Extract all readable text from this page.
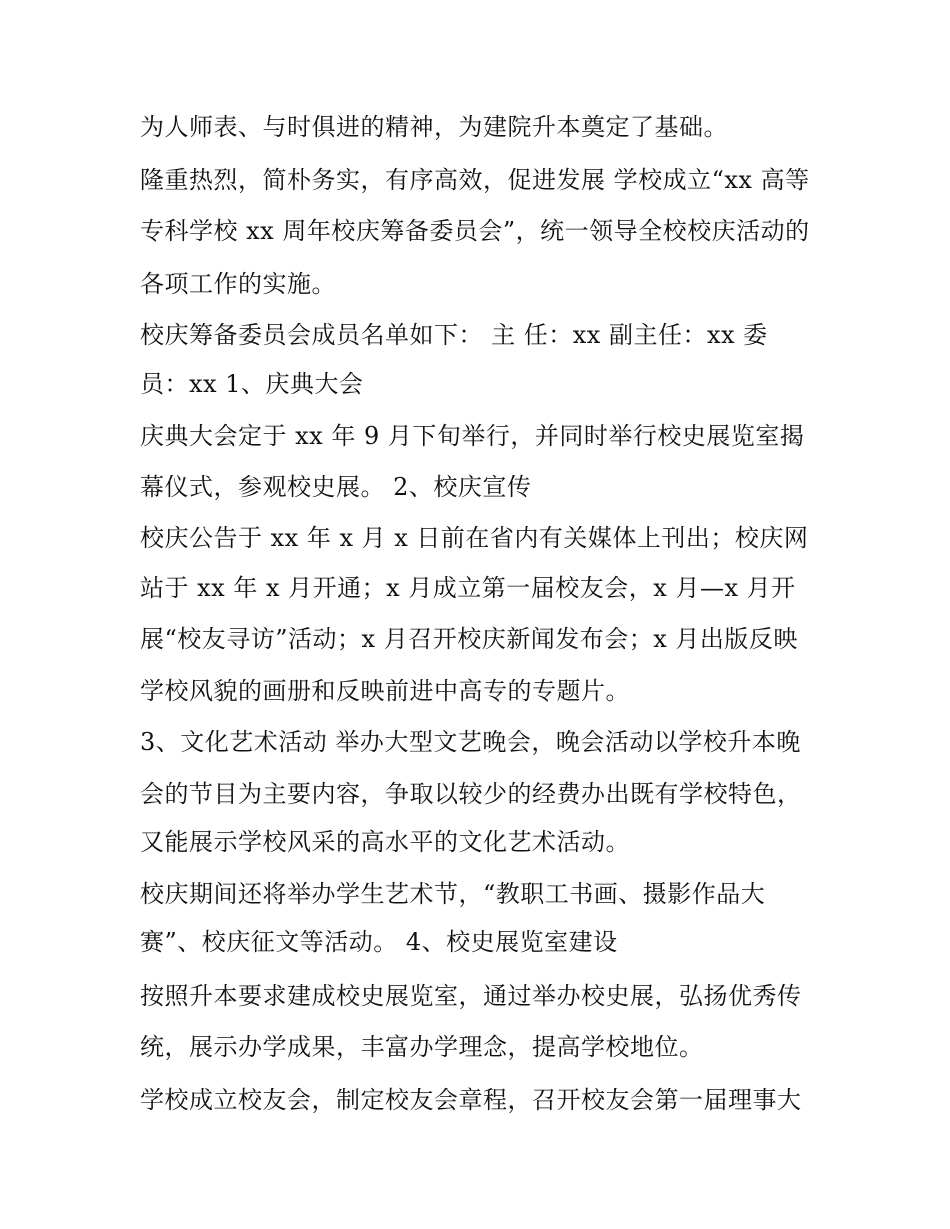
为人师表、与时俱进的精神，为建院升本奠定了基础。
隆重热烈，简朴务实，有序高效，促进发展 学校成立“xx 高等
专科学校 xx 周年校庆筹备委员会”，统一领导全校校庆活动的
各项工作的实施。
校庆筹备委员会成员名单如下： 主 任：xx 副主任：xx 委
员：xx 1、庆典大会
庆典大会定于 xx 年 9 月下旬举行，并同时举行校史展览室揭
幕仪式，参观校史展。 2、校庆宣传
校庆公告于 xx 年 x 月 x 日前在省内有关媒体上刊出；校庆网
站于 xx 年 x 月开通；x 月成立第一届校友会，x 月—x 月开
展“校友寻访”活动；x 月召开校庆新闻发布会；x 月出版反映
学校风貌的画册和反映前进中高专的专题片。
3、文化艺术活动 举办大型文艺晚会，晚会活动以学校升本晚
会的节目为主要内容，争取以较少的经费办出既有学校特色，
又能展示学校风采的高水平的文化艺术活动。
校庆期间还将举办学生艺术节，“教职工书画、摄影作品大
赛”、校庆征文等活动。 4、校史展览室建设
按照升本要求建成校史展览室，通过举办校史展，弘扬优秀传
统，展示办学成果，丰富办学理念，提高学校地位。
学校成立校友会，制定校友会章程，召开校友会第一届理事大
